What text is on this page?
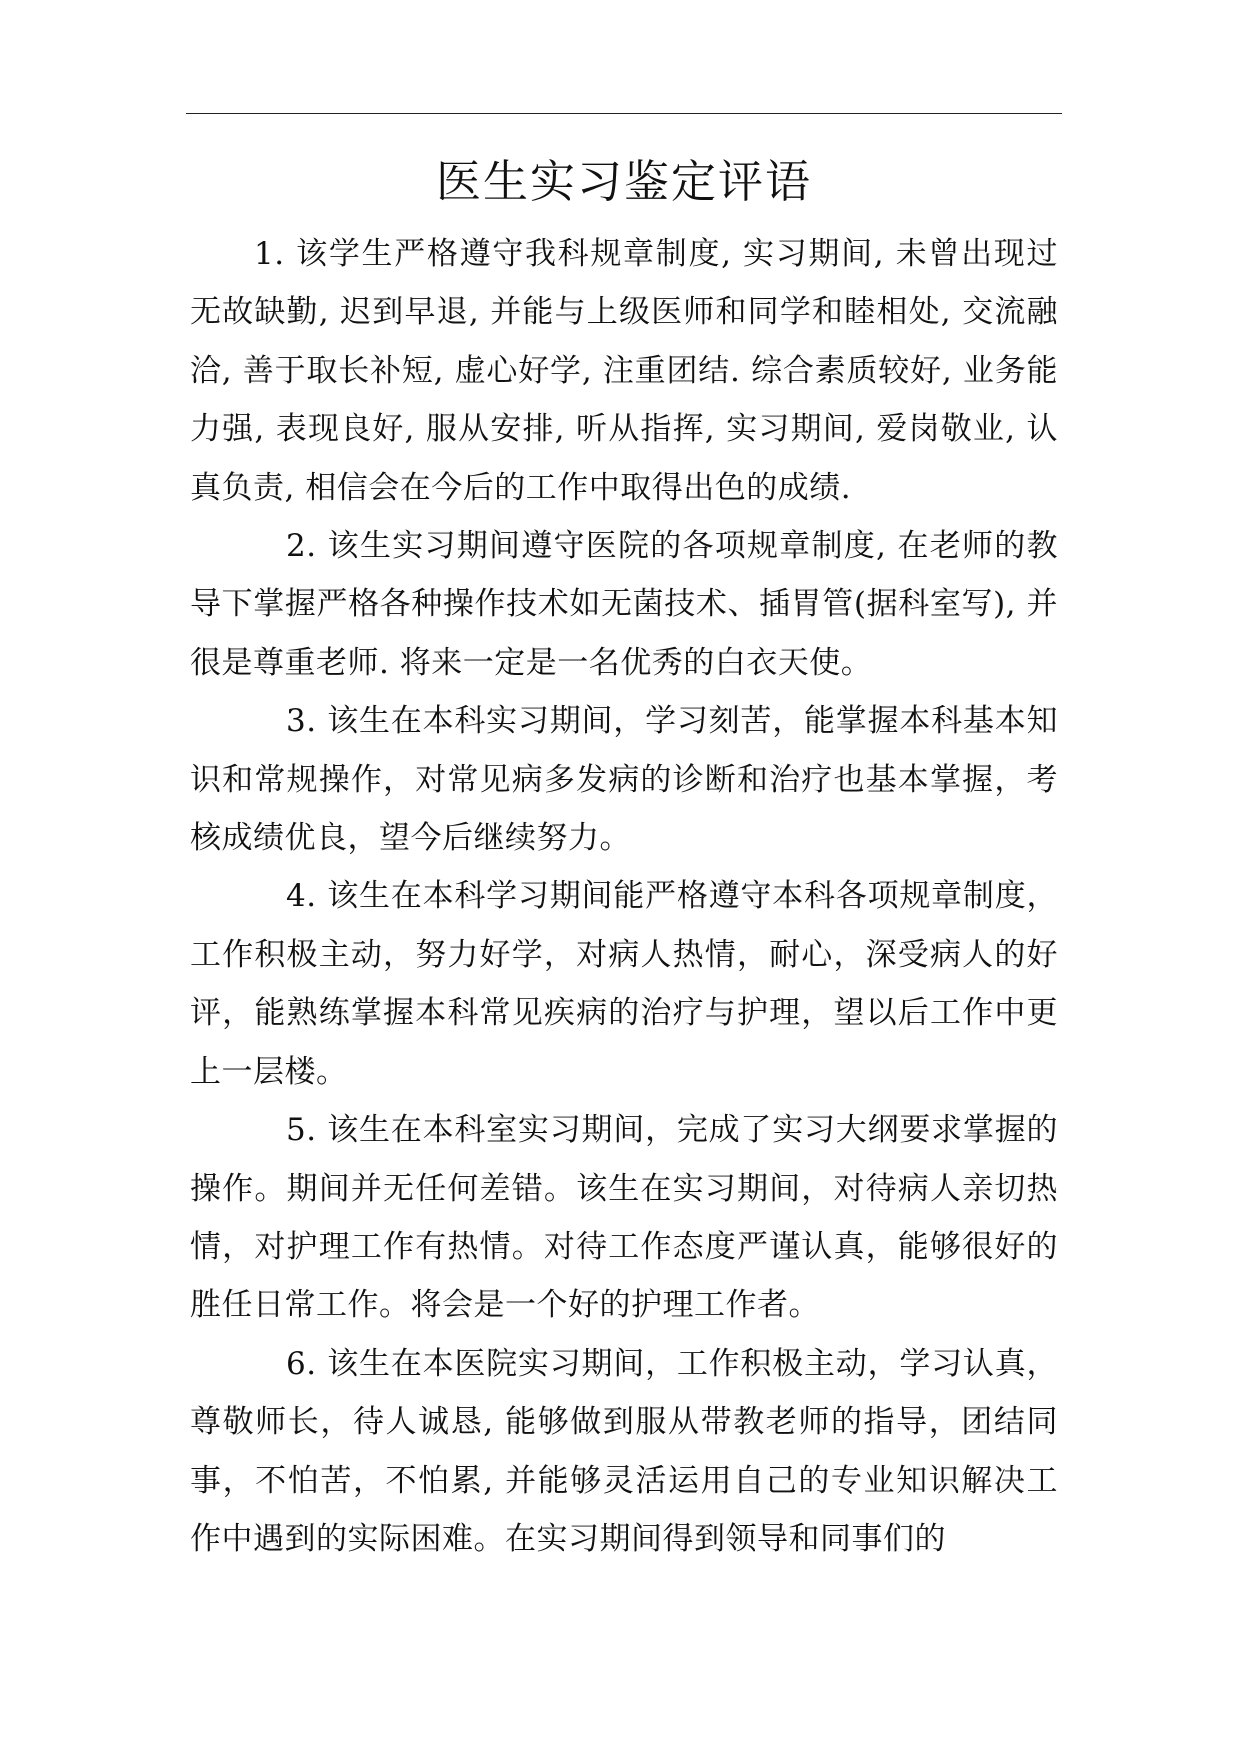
医生实习鉴定评语

1. 该学生严格遵守我科规章制度, 实习期间, 未曾出现过无故缺勤, 迟到早退, 并能与上级医师和同学和睦相处, 交流融洽, 善于取长补短, 虚心好学, 注重团结. 综合素质较好, 业务能力强, 表现良好, 服从安排, 听从指挥, 实习期间, 爱岗敬业, 认真负责, 相信会在今后的工作中取得出色的成绩.

2. 该生实习期间遵守医院的各项规章制度, 在老师的教导下掌握严格各种操作技术如无菌技术、插胃管(据科室写), 并很是尊重老师. 将来一定是一名优秀的白衣天使。

3. 该生在本科实习期间，学习刻苦，能掌握本科基本知识和常规操作，对常见病多发病的诊断和治疗也基本掌握，考核成绩优良，望今后继续努力。

4. 该生在本科学习期间能严格遵守本科各项规章制度，工作积极主动，努力好学，对病人热情，耐心，深受病人的好评，能熟练掌握本科常见疾病的治疗与护理，望以后工作中更上一层楼。

5. 该生在本科室实习期间，完成了实习大纲要求掌握的操作。期间并无任何差错。该生在实习期间，对待病人亲切热情，对护理工作有热情。对待工作态度严谨认真，能够很好的胜任日常工作。将会是一个好的护理工作者。

6. 该生在本医院实习期间，工作积极主动，学习认真，尊敬师长，待人诚恳, 能够做到服从带教老师的指导，团结同事，不怕苦，不怕累, 并能够灵活运用自己的专业知识解决工作中遇到的实际困难。在实习期间得到领导和同事们的
